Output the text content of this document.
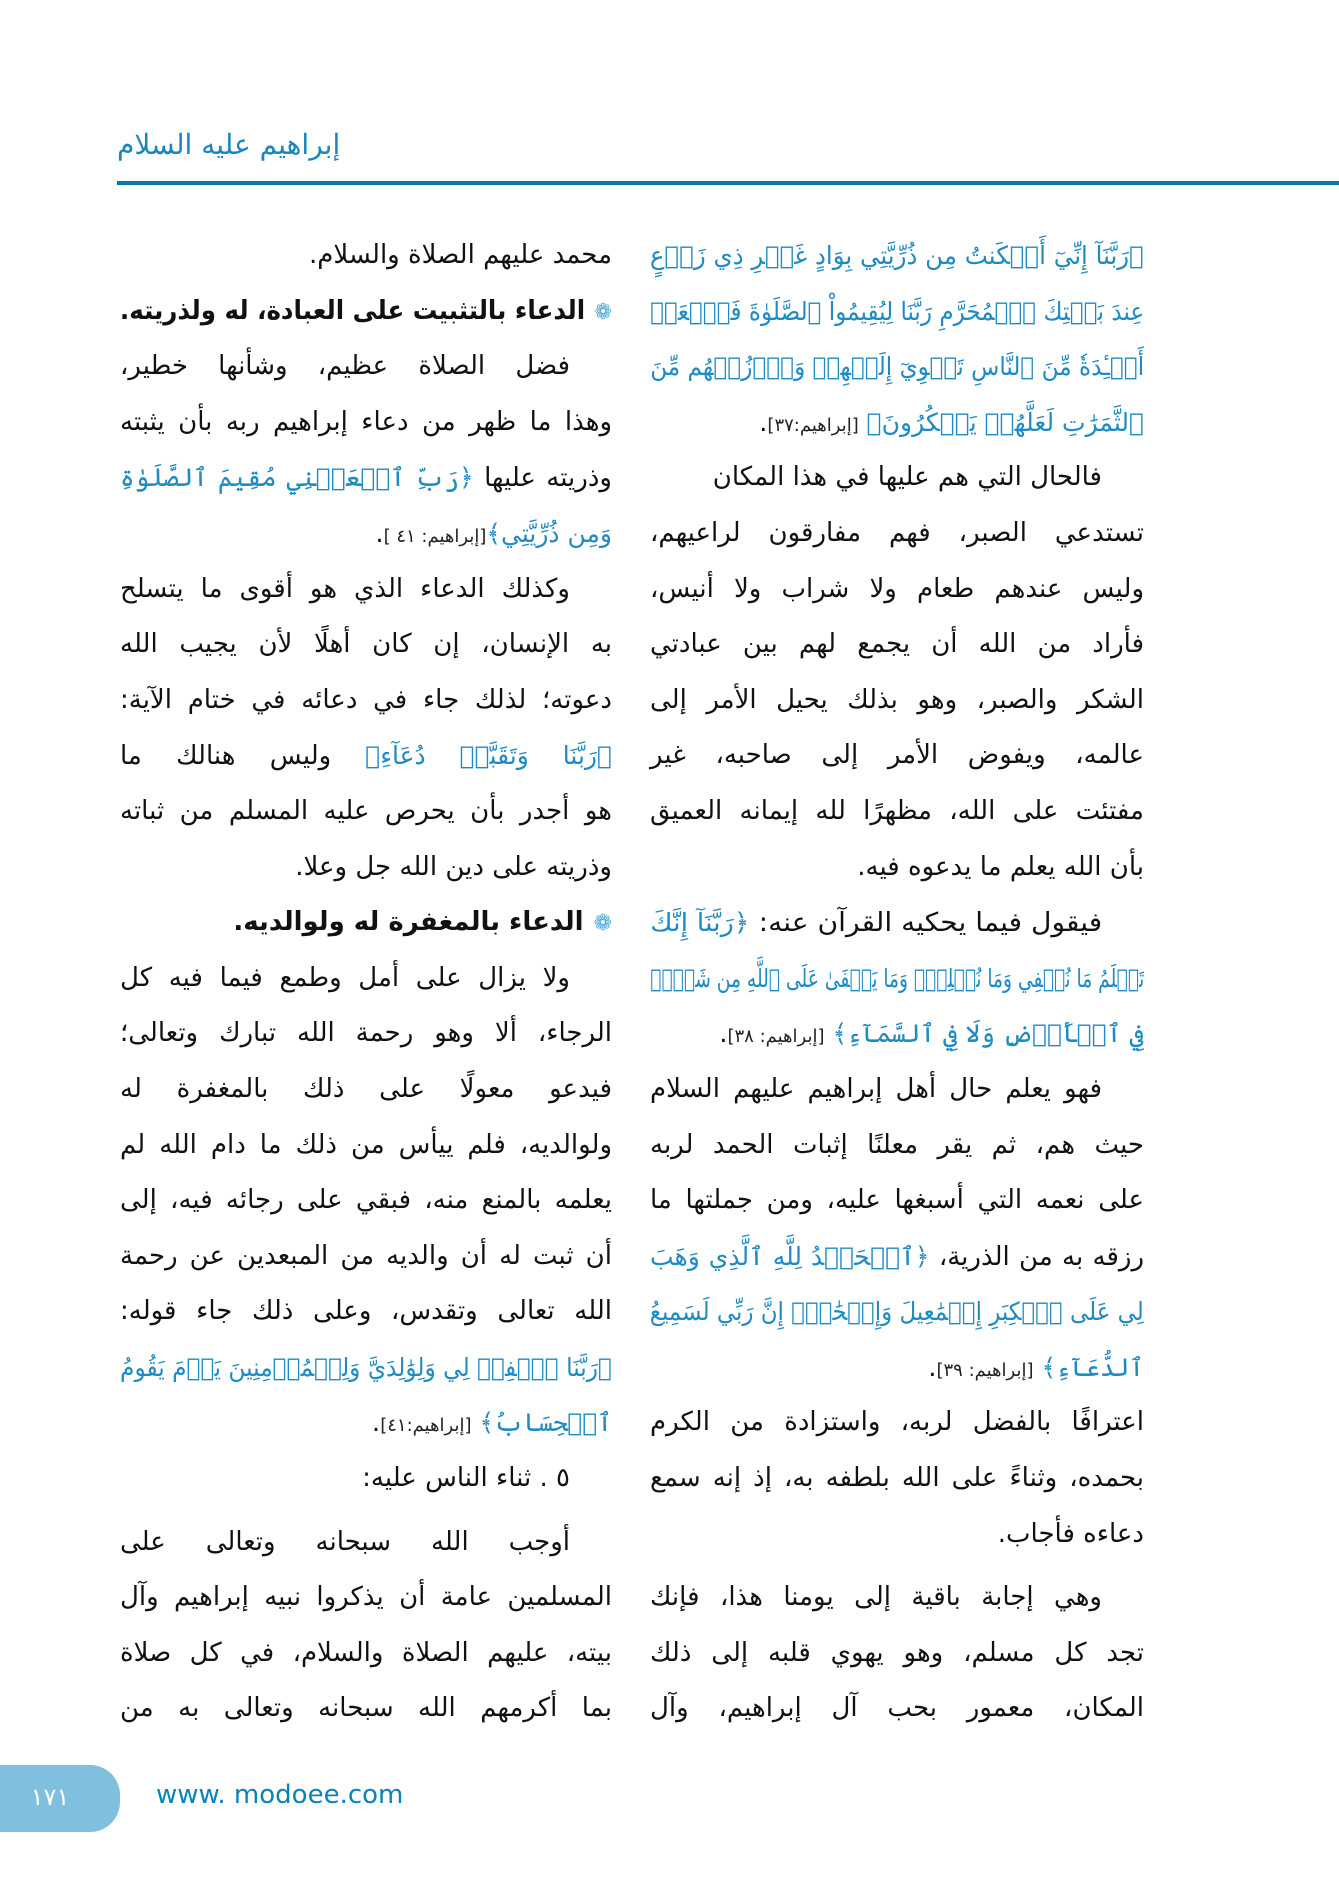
إبراهيم عليه السلام
﴿رَبَّنَآ إِنِّيٓ أَسۡكَنتُ مِن ذُرِّيَّتِي بِوَادٍ غَيۡرِ ذِي زَرۡعٍ
عِندَ بَيۡتِكَ ٱلۡمُحَرَّمِ رَبَّنَا لِيُقِيمُواْ ٱلصَّلَوٰةَ فَٱجۡعَلۡ
أَفۡـِٔدَةٗ مِّنَ ٱلنَّاسِ تَهۡوِيٓ إِلَيۡهِمۡ وَٱرۡزُقۡهُم مِّنَ
ٱلثَّمَرَٰتِ لَعَلَّهُمۡ يَشۡكُرُونَ﴾ [إبراهيم:٣٧].
فالحال التي هم عليها في هذا المكان
تستدعي الصبر، فهم مفارقون لراعيهم،
وليس عندهم طعام ولا شراب ولا أنيس،
فأراد من الله أن يجمع لهم بين عبادتي
الشكر والصبر، وهو بذلك يحيل الأمر إلى
عالمه، ويفوض الأمر إلى صاحبه، غير
مفتئت على الله، مظهرًا لله إيمانه العميق
بأن الله يعلم ما يدعوه فيه.
فيقول فيما يحكيه القرآن عنه: ﴿رَبَّنَآ إِنَّكَ
تَعۡلَمُ مَا نُخۡفِي وَمَا نُعۡلِنُۗ وَمَا يَخۡفَىٰ عَلَى ٱللَّهِ مِن شَيۡءٖ
فِي ٱلۡأَرۡضِ وَلَا فِي ٱلسَّمَآءِ﴾ [إبراهيم: ٣٨].
فهو يعلم حال أهل إبراهيم عليهم السلام
حيث هم، ثم يقر معلنًا إثبات الحمد لربه
على نعمه التي أسبغها عليه، ومن جملتها ما
رزقه به من الذرية، ﴿ٱلۡحَمۡدُ لِلَّهِ ٱلَّذِي وَهَبَ
لِي عَلَى ٱلۡكِبَرِ إِسۡمَٰعِيلَ وَإِسۡحَٰقَۚ إِنَّ رَبِّي لَسَمِيعُ
ٱلدُّعَآءِ﴾ [إبراهيم: ٣٩].
اعترافًا بالفضل لربه، واستزادة من الكرم
بحمده، وثناءً على الله بلطفه به، إذ إنه سمع
دعاءه فأجاب.
وهي إجابة باقية إلى يومنا هذا، فإنك
تجد كل مسلم، وهو يهوي قلبه إلى ذلك
المكان، معمور بحب آل إبراهيم، وآل
محمد عليهم الصلاة والسلام.
❁الدعاء بالتثبيت على العبادة، له ولذريته.
فضل الصلاة عظيم، وشأنها خطير،
وهذا ما ظهر من دعاء إبراهيم ربه بأن يثبته
وذريته عليها ﴿رَبِّ ٱجۡعَلۡنِي مُقِيمَ ٱلصَّلَوٰةِ
وَمِن ذُرِّيَّتِي﴾[إبراهيم: ٤١ ].
وكذلك الدعاء الذي هو أقوى ما يتسلح
به الإنسان، إن كان أهلًا لأن يجيب الله
دعوته؛ لذلك جاء في دعائه في ختام الآية:
﴿رَبَّنَا وَتَقَبَّلۡ دُعَآءِ﴾ وليس هنالك ما
هو أجدر بأن يحرص عليه المسلم من ثباته
وذريته على دين الله جل وعلا.
❁الدعاء بالمغفرة له ولوالديه.
ولا يزال على أمل وطمع فيما فيه كل
الرجاء، ألا وهو رحمة الله تبارك وتعالى؛
فيدعو معولًا على ذلك بالمغفرة له
ولوالديه، فلم ييأس من ذلك ما دام الله لم
يعلمه بالمنع منه، فبقي على رجائه فيه، إلى
أن ثبت له أن والديه من المبعدين عن رحمة
الله تعالى وتقدس، وعلى ذلك جاء قوله:
﴿رَبَّنَا ٱغۡفِرۡ لِي وَلِوَٰلِدَيَّ وَلِلۡمُؤۡمِنِينَ يَوۡمَ يَقُومُ
ٱلۡحِسَابُ﴾ [إبراهيم:٤١].
٥ . ثناء الناس عليه:
أوجب الله سبحانه وتعالى على
المسلمين عامة أن يذكروا نبيه إبراهيم وآل
بيته، عليهم الصلاة والسلام، في كل صلاة
بما أكرمهم الله سبحانه وتعالى به من
١٧١	www. modoee.com
